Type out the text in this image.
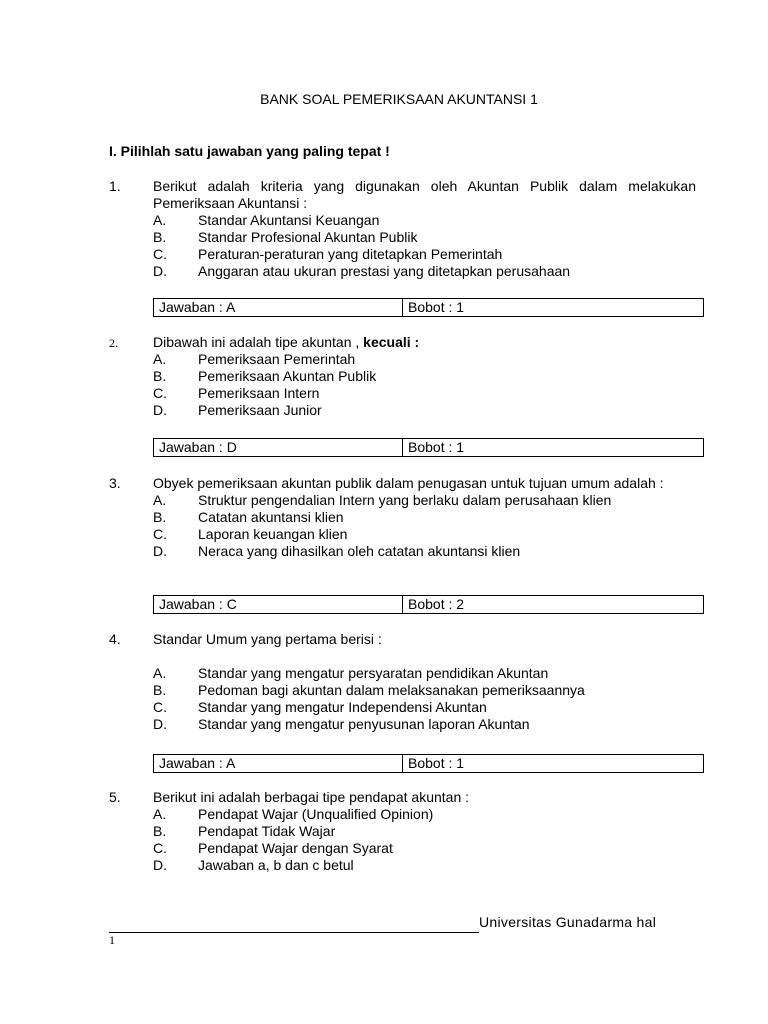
BANK SOAL PEMERIKSAAN AKUNTANSI 1
I. Pilihlah satu jawaban yang paling tepat !
1. Berikut adalah kriteria yang digunakan oleh Akuntan Publik dalam melakukan Pemeriksaan Akuntansi :
A. Standar Akuntansi Keuangan
B. Standar Profesional Akuntan Publik
C. Peraturan-peraturan yang ditetapkan Pemerintah
D. Anggaran atau ukuran prestasi yang ditetapkan perusahaan
Jawaban : A	Bobot : 1
2.	Dibawah ini adalah tipe akuntan , kecuali :
A. Pemeriksaan Pemerintah
B. Pemeriksaan Akuntan Publik
C. Pemeriksaan Intern
D. Pemeriksaan Junior
Jawaban : D	Bobot : 1
3. Obyek pemeriksaan akuntan publik dalam penugasan untuk tujuan umum adalah :
A. Struktur pengendalian Intern yang berlaku dalam perusahaan klien
B. Catatan akuntansi klien
C. Laporan keuangan klien
D. Neraca yang dihasilkan oleh catatan akuntansi klien
Jawaban : C	Bobot : 2
4. Standar Umum yang pertama berisi :
A. Standar yang mengatur persyaratan pendidikan Akuntan
B. Pedoman bagi akuntan dalam melaksanakan pemeriksaannya
C. Standar yang mengatur Independensi Akuntan
D. Standar yang mengatur penyusunan laporan Akuntan
Jawaban : A	Bobot : 1
5. Berikut ini adalah berbagai tipe pendapat akuntan :
A. Pendapat Wajar (Unqualified Opinion)
B. Pendapat Tidak Wajar
C. Pendapat Wajar dengan Syarat
D. Jawaban a, b dan c betul
Universitas Gunadarma hal
1
